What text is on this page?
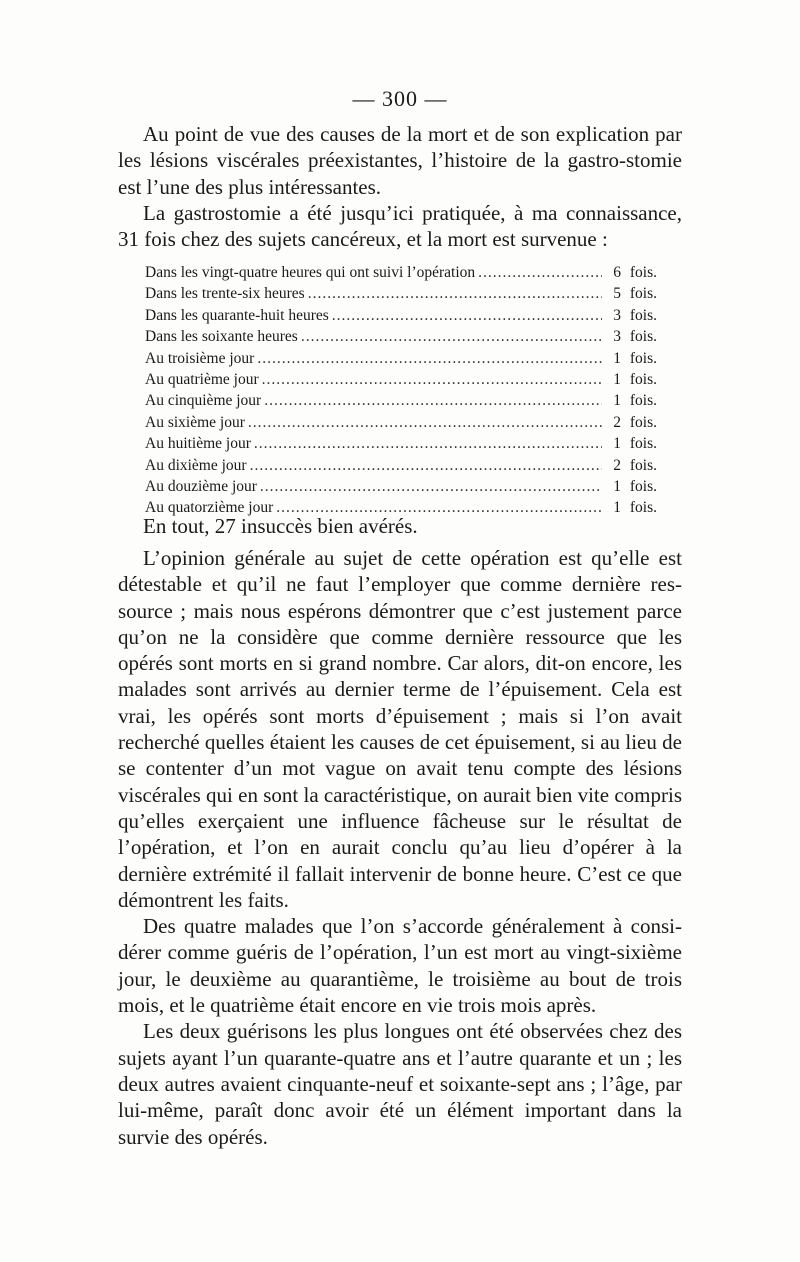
— 300 —

Au point de vue des causes de la mort et de son explication par les lésions viscérales préexistantes, l’histoire de la gastro-stomie est l’une des plus intéressantes.

La gastrostomie a été jusqu’ici pratiquée, à ma connaissance, 31 fois chez des sujets cancéreux, et la mort est survenue :

Dans les vingt-quatre heures qui ont suivi l’opération .....	6 fois.
Dans les trente-six heures .....	5 fois.
Dans les quarante-huit heures .....	3 fois.
Dans les soixante heures .....	3 fois.
Au troisième jour .....	1 fois.
Au quatrième jour .....	1 fois.
Au cinquième jour .....	1 fois.
Au sixième jour .....	2 fois.
Au huitième jour .....	1 fois.
Au dixième jour .....	2 fois.
Au douzième jour .....	1 fois.
Au quatorzième jour .....	1 fois.
En tout, 27 insuccès bien avérés.

L’opinion générale au sujet de cette opération est qu’elle est détestable et qu’il ne faut l’employer que comme dernière res-source ; mais nous espérons démontrer que c’est justement parce qu’on ne la considère que comme dernière ressource que les opérés sont morts en si grand nombre. Car alors, dit-on encore, les malades sont arrivés au dernier terme de l’épuisement. Cela est vrai, les opérés sont morts d’épuisement ; mais si l’on avait recherché quelles étaient les causes de cet épuisement, si au lieu de se contenter d’un mot vague on avait tenu compte des lésions viscérales qui en sont la caractéristique, on aurait bien vite compris qu’elles exerçaient une influence fâcheuse sur le résultat de l’opération, et l’on en aurait conclu qu’au lieu d’opérer à la dernière extrémité il fallait intervenir de bonne heure. C’est ce que démontrent les faits.

Des quatre malades que l’on s’accorde généralement à consi-dérer comme guéris de l’opération, l’un est mort au vingt-sixième jour, le deuxième au quarantième, le troisième au bout de trois mois, et le quatrième était encore en vie trois mois après.

Les deux guérisons les plus longues ont été observées chez des sujets ayant l’un quarante-quatre ans et l’autre quarante et un ; les deux autres avaient cinquante-neuf et soixante-sept ans ; l’âge, par lui-même, paraît donc avoir été un élément important dans la survie des opérés.
